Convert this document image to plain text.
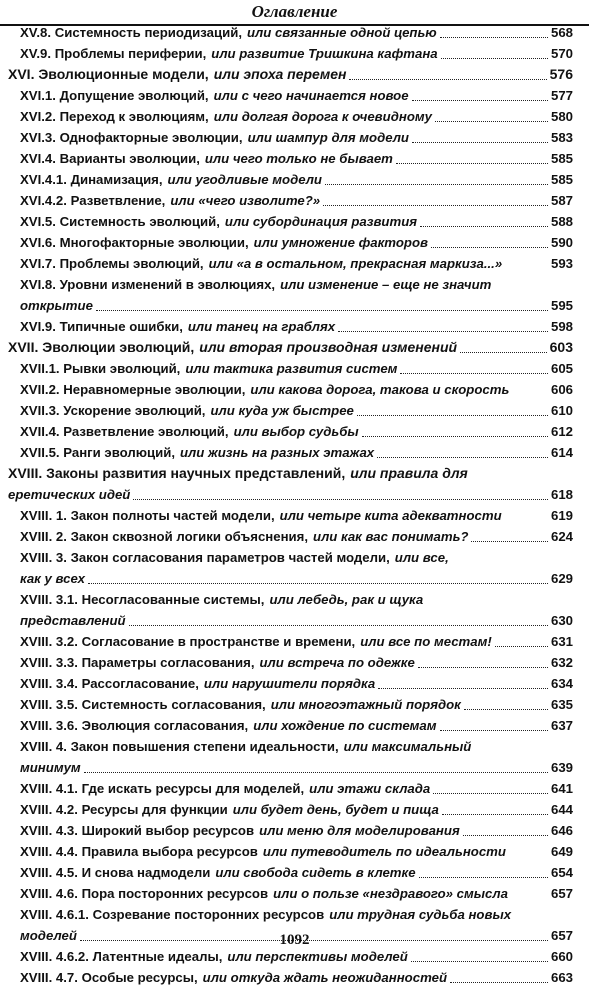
Оглавление
XV.8. Системность периодизаций, или связанные одной цепью	568
XV.9. Проблемы периферии, или развитие Тришкина кафтана	570
XVI. Эволюционные модели, или эпоха перемен	576
XVI.1. Допущение эволюций, или с чего начинается новое	577
XVI.2. Переход к эволюциям, или долгая дорога к очевидному	580
XVI.3. Однофакторные эволюции, или шампур для модели	583
XVI.4. Варианты эволюции, или чего только не бывает	585
XVI.4.1. Динамизация, или угодливые модели	585
XVI.4.2. Разветвление, или «чего изволите?»	587
XVI.5. Системность эволюций, или субординация развития	588
XVI.6. Многофакторные эволюции, или умножение факторов	590
XVI.7. Проблемы эволюций, или «а в остальном, прекрасная маркиза...»	593
XVI.8. Уровни изменений в эволюциях, или изменение – еще не значит
открытие	595
XVI.9. Типичные ошибки, или танец на граблях	598
XVII. Эволюции эволюций, или вторая производная изменений	603
XVII.1. Рывки эволюций, или тактика развития систем	605
XVII.2. Неравномерные эволюции, или какова дорога, такова и скорость	606
XVII.3. Ускорение эволюций, или куда уж быстрее	610
XVII.4. Разветвление эволюций, или выбор судьбы	612
XVII.5. Ранги эволюций, или жизнь на разных этажах	614
XVIII. Законы развития научных представлений, или правила для
еретических идей	618
XVIII. 1. Закон полноты частей модели, или четыре кита адекватности	619
XVIII. 2. Закон сквозной логики объяснения, или как вас понимать?	624
XVIII. 3. Закон согласования параметров частей модели, или все,
как у всех	629
XVIII. 3.1. Несогласованные системы, или лебедь, рак и щука
представлений	630
XVIII. 3.2. Согласование в пространстве и времени, или все по местам!	631
XVIII. 3.3. Параметры согласования, или встреча по одежке	632
XVIII. 3.4. Рассогласование, или нарушители порядка	634
XVIII. 3.5. Системность согласования, или многоэтажный порядок	635
XVIII. 3.6. Эволюция согласования, или хождение по системам	637
XVIII. 4. Закон повышения степени идеальности, или максимальный
минимум	639
XVIII. 4.1. Где искать ресурсы для моделей, или этажи склада	641
XVIII. 4.2. Ресурсы для функции или будет день, будет и пища	644
XVIII. 4.3. Широкий выбор ресурсов или меню для моделирования	646
XVIII. 4.4. Правила выбора ресурсов или путеводитель по идеальности	649
XVIII. 4.5. И снова надмодели или свобода сидеть в клетке	654
XVIII. 4.6. Пора посторонних ресурсов или о пользе «нездравого» смысла	657
XVIII. 4.6.1. Созревание посторонних ресурсов или трудная судьба новых
моделей	657
XVIII. 4.6.2. Латентные идеалы, или перспективы моделей	660
XVIII. 4.7. Особые ресурсы, или откуда ждать неожиданностей	663
1092
